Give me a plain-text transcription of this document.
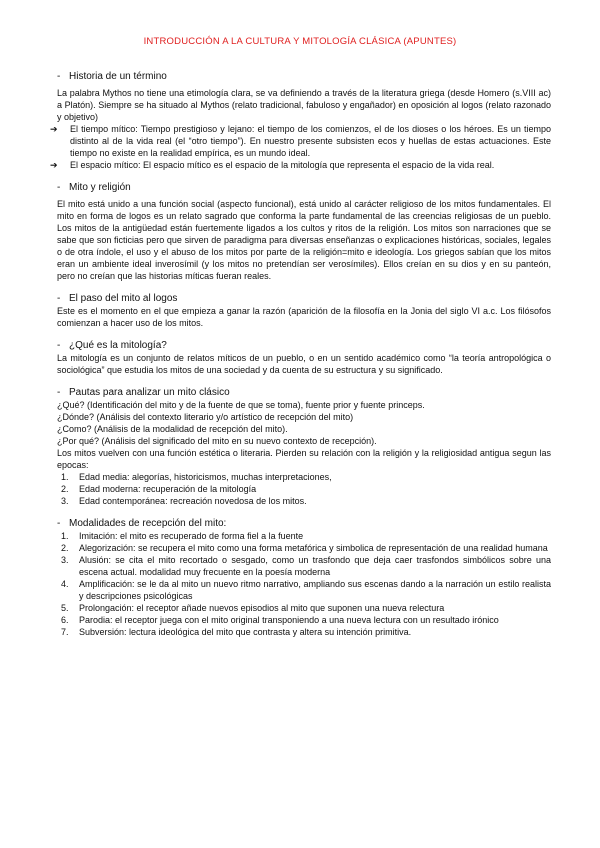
INTRODUCCIÓN A LA CULTURA Y MITOLOGÍA CLÁSICA (APUNTES)
- Historia de un término
La palabra Mythos no tiene una etimología clara, se va definiendo a través de la literatura griega (desde Homero (s.VIII ac) a Platón). Siempre se ha situado al Mythos (relato tradicional, fabuloso y engañador) en oposición al logos (relato razonado y objetivo)
➔ El tiempo mítico: Tiempo prestigioso y lejano: el tiempo de los comienzos, el de los dioses o los héroes. Es un tiempo distinto al de la vida real (el “otro tiempo”). En nuestro presente subsisten ecos y huellas de estas actuaciones. Este tiempo no existe en la realidad empírica, es un mundo ideal.
➔ El espacio mítico: El espacio mítico es el espacio de la mitología que representa el espacio de la vida real.
- Mito y religión
El mito está unido a una función social (aspecto funcional), está unido al carácter religioso de los mitos fundamentales. El mito en forma de logos es un relato sagrado que conforma la parte fundamental de las creencias religiosas de un pueblo. Los mitos de la antigüedad están fuertemente ligados a los cultos y ritos de la religión. Los mitos son narraciones que se sabe que son ficticias pero que sirven de paradigma para diversas enseñanzas o explicaciones históricas, sociales, legales o de otra índole, el uso y el abuso de los mitos por parte de la religión=mito e ideología. Los griegos sabían que los mitos eran un ambiente ideal inverosímil (y los mitos no pretendían ser verosímiles). Ellos creían en su dios y en su panteón, pero no creían que las historias míticas fueran reales.
- El paso del mito al logos
Este es el momento en el que empieza a ganar la razón (aparición de la filosofía en la Jonia del siglo VI a.c. Los filósofos comienzan a hacer uso de los mitos.
- ¿Qué es la mitología?
La mitología es un conjunto de relatos míticos de un pueblo, o en un sentido académico como “la teoría antropológica o sociológica” que estudia los mitos de una sociedad y da cuenta de su estructura y su significado.
- Pautas para analizar un mito clásico
¿Qué? (Identificación del mito y de la fuente de que se toma), fuente prior y fuente princeps.
¿Dónde? (Análisis del contexto literario y/o artístico de recepción del mito)
¿Como? (Análisis de la modalidad de recepción del mito).
¿Por qué? (Análisis del significado del mito en su nuevo contexto de recepción).
Los mitos vuelven con una función estética o literaria. Pierden su relación con la religión y la religiosidad antigua segun las epocas:
1. Edad media: alegorías, historicismos, muchas interpretaciones,
2. Edad moderna: recuperación de la mitología
3. Edad contemporánea: recreación novedosa de los mitos.
- Modalidades de recepción del mito:
1. Imitación: el mito es recuperado de forma fiel a la fuente
2. Alegorización: se recupera el mito como una forma metafórica y simbolica de representación de una realidad humana
3. Alusión: se cita el mito recortado o sesgado, como un trasfondo que deja caer trasfondos simbólicos sobre una escena actual. modalidad muy frecuente en la poesía moderna
4. Amplificación: se le da al mito un nuevo ritmo narrativo, ampliando sus escenas dando a la narración un estilo realista y descripciones psicológicas
5. Prolongación: el receptor añade nuevos episodios al mito que suponen una nueva relectura
6. Parodia: el receptor juega con el mito original transponiendo a una nueva lectura con un resultado irónico
7. Subversión: lectura ideológica del mito que contrasta y altera su intención primitiva.
